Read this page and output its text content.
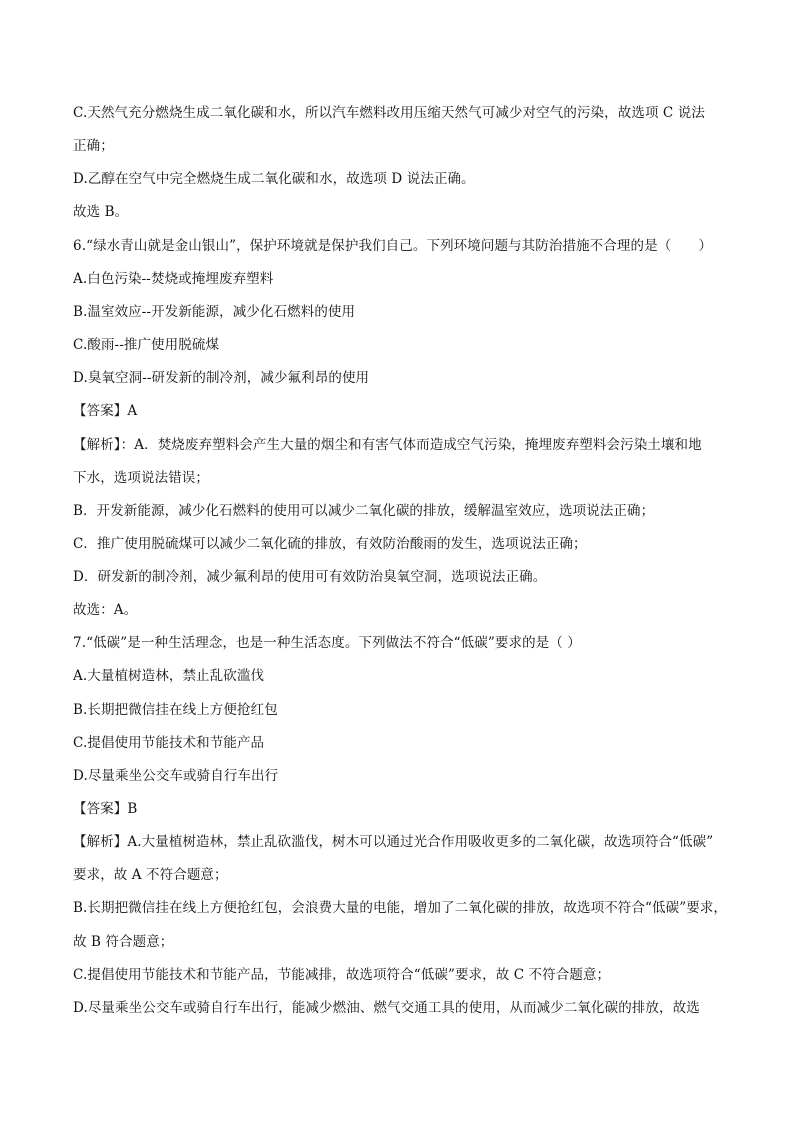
C.天然气充分燃烧生成二氧化碳和水，所以汽车燃料改用压缩天然气可减少对空气的污染，故选项 C 说法
正确；
D.乙醇在空气中完全燃烧生成二氧化碳和水，故选项 D 说法正确。
故选 B。
6.“绿水青山就是金山银山”，保护环境就是保护我们自己。下列环境问题与其防治措施不合理的是（　　）
A.白色污染--焚烧或掩埋废弃塑料
B.温室效应--开发新能源，减少化石燃料的使用
C.酸雨--推广使用脱硫煤
D.臭氧空洞--研发新的制冷剂，减少氟利昂的使用
【答案】A
【解析】：A．焚烧废弃塑料会产生大量的烟尘和有害气体而造成空气污染，掩埋废弃塑料会污染土壤和地
下水，选项说法错误；
B．开发新能源，减少化石燃料的使用可以减少二氧化碳的排放，缓解温室效应，选项说法正确；
C．推广使用脱硫煤可以减少二氧化硫的排放，有效防治酸雨的发生，选项说法正确；
D．研发新的制冷剂，减少氟利昂的使用可有效防治臭氧空洞，选项说法正确。
故选：A。
7.“低碳”是一种生活理念，也是一种生活态度。下列做法不符合“低碳”要求的是（ ）
A.大量植树造林，禁止乱砍滥伐
B.长期把微信挂在线上方便抢红包
C.提倡使用节能技术和节能产品
D.尽量乘坐公交车或骑自行车出行
【答案】B
【解析】A.大量植树造林，禁止乱砍滥伐，树木可以通过光合作用吸收更多的二氧化碳，故选项符合“低碳”
要求，故 A 不符合题意；
B.长期把微信挂在线上方便抢红包，会浪费大量的电能，增加了二氧化碳的排放，故选项不符合“低碳”要求，
故 B 符合题意；
C.提倡使用节能技术和节能产品，节能减排，故选项符合“低碳”要求，故 C 不符合题意；
D.尽量乘坐公交车或骑自行车出行，能减少燃油、燃气交通工具的使用，从而减少二氧化碳的排放，故选
